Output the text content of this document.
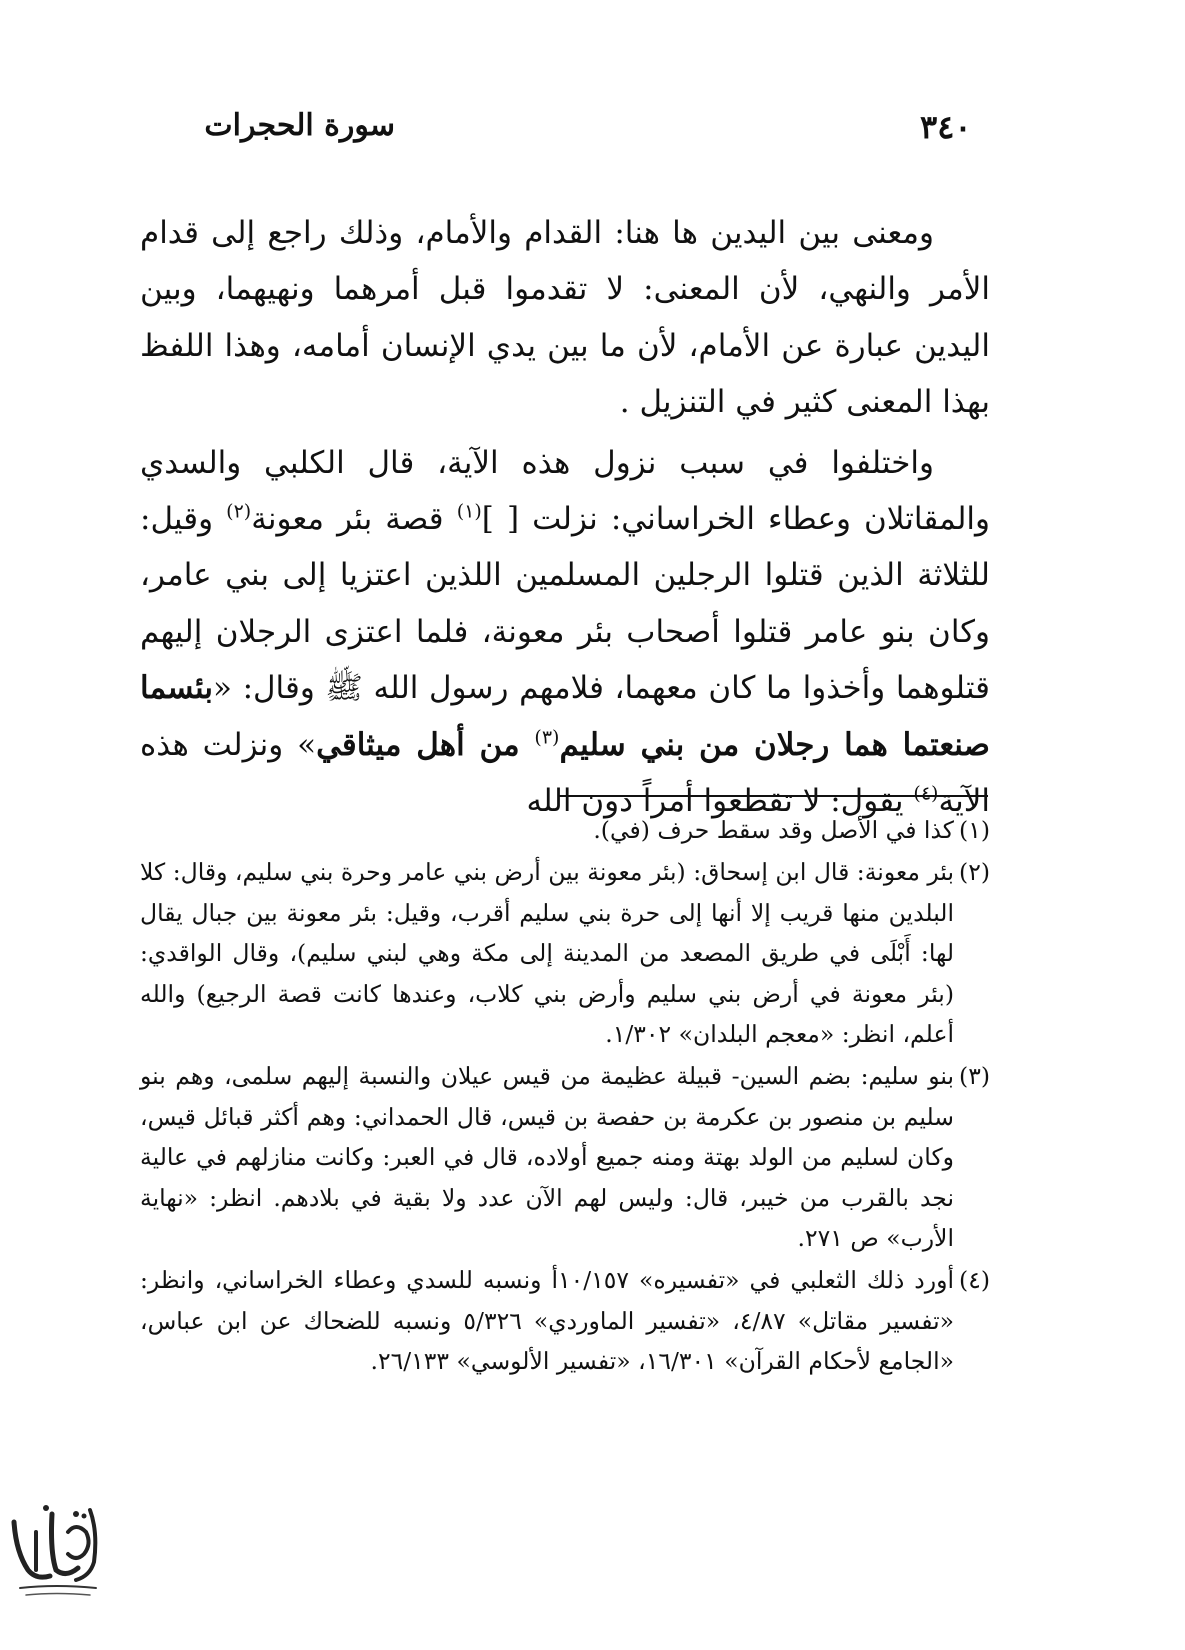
سورة الحجرات	٣٤٠

ومعنى بين اليدين ها هنا: القدام والأمام، وذلك راجع إلى قدام الأمر والنهي، لأن المعنى: لا تقدموا قبل أمرهما ونهيهما، وبين اليدين عبارة عن الأمام، لأن ما بين يدي الإنسان أمامه، وهذا اللفظ بهذا المعنى كثير في التنزيل .

واختلفوا في سبب نزول هذه الآية، قال الكلبي والسدي والمقاتلان وعطاء الخراساني: نزلت [ ]$^{(١)}$ قصة بئر معونة$^{(٢)}$ وقيل: للثلاثة الذين قتلوا الرجلين المسلمين اللذين اعتزيا إلى بني عامر، وكان بنو عامر قتلوا أصحاب بئر معونة، فلما اعتزى الرجلان إليهم قتلوهما وأخذوا ما كان معهما، فلامهم رسول الله ﷺ وقال: «بئسما صنعتما هما رجلان من بني سليم$^{(٣)}$ من أهل ميثاقي» ونزلت هذه الآية$^{(٤)}$ يقول: لا تقطعوا أمراً دون الله

(١)
كذا في الأصل وقد سقط حرف (في).
(٢)
بئر معونة: قال ابن إسحاق: (بئر معونة بين أرض بني عامر وحرة بني سليم، وقال: كلا البلدين منها قريب إلا أنها إلى حرة بني سليم أقرب، وقيل: بئر معونة بين جبال يقال لها: أَبْلَى في طريق المصعد من المدينة إلى مكة وهي لبني سليم)، وقال الواقدي: (بئر معونة في أرض بني سليم وأرض بني كلاب، وعندها كانت قصة الرجيع) والله أعلم، انظر: «معجم البلدان» ١/٣٠٢.
(٣)
بنو سليم: بضم السين- قبيلة عظيمة من قيس عيلان والنسبة إليهم سلمى، وهم بنو سليم بن منصور بن عكرمة بن حفصة بن قيس، قال الحمداني: وهم أكثر قبائل قيس، وكان لسليم من الولد بهتة ومنه جميع أولاده، قال في العبر: وكانت منازلهم في عالية نجد بالقرب من خيبر، قال: وليس لهم الآن عدد ولا بقية في بلادهم. انظر: «نهاية الأرب» ص ٢٧١.
(٤)
أورد ذلك الثعلبي في «تفسيره» ١٠/١٥٧أ ونسبه للسدي وعطاء الخراساني، وانظر: «تفسير مقاتل» ٤/٨٧، «تفسير الماوردي» ٥/٣٢٦ ونسبه للضحاك عن ابن عباس، «الجامع لأحكام القرآن» ١٦/٣٠١، «تفسير الألوسي» ٢٦/١٣٣.
